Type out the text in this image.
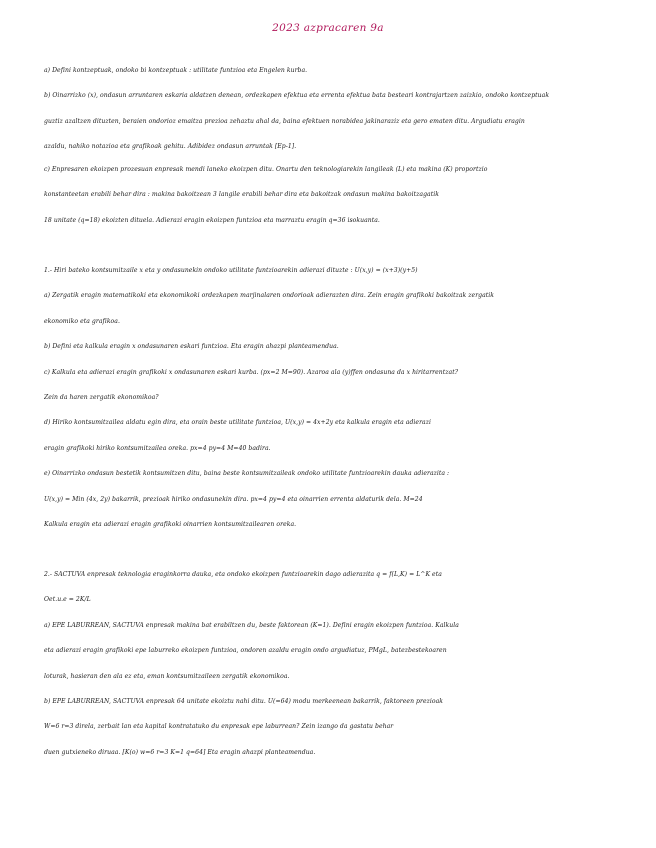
2023 azpracaren 9a
a) Defini kontzeptuak, ondoko bi kontzeptuak : utilitate funtzioa eta Engelen kurba.
b) Oinarrizko (x), ondasun arruntaren eskaria aldatzen denean, ordezkapen efektua eta errenta efektua bata besteari kontrajartzen zaizkio, ondoko kontzeptuak
guztiz azaltzen dituzten, beraien ondorioz emaitza prezioa zehaztu ahal da, baina efektuen norabidea jakinaraziz eta gero ematen ditu. Argudiatu eragin
azaldu, nahiko notazioa eta grafikoak gehitu. Adibidez ondasun arruntak [Ep-1].
c) Enpresaren ekoizpen prozesuan enpresak mendi laneko ekoizpen ditu. Onartu den teknologiarekin langileak (L) eta makina (K) proportzio
konstanteetan erabili behar dira : makina bakoitzean 3 langile erabili behar dira eta bakoitzak ondasun makina bakoitzagatik
18 unitate (q=18) ekoizten dituela. Adierazi eragin ekoizpen funtzioa eta marraztu eragin q=36 isokuanta.
1.- Hiri bateko kontsumitzaile x eta y ondasunekin ondoko utilitate funtzioarekin adierazi dituzte : U(x,y) = (x+3)(y+5)
a) Zergatik eragin matematikoki eta ekonomikoki ordezkapen marjinalaren ondorioak adierazten dira. Zein eragin grafikoki bakoitzak zergatik
ekonomiko eta grafikoa.
b) Defini eta kalkula eragin x ondasunaren eskari funtzioa. Eta eragin ahazpi planteamendua.
c) Kalkula eta adierazi eragin grafikoki x ondasunaren eskari kurba. (px=2 M=90). Azaroa ala (y)ffen ondasuna da x hiritarrentzat?
Zein da haren zergatik ekonomikoa?
d) Hiriko kontsumitzailea aldatu egin dira, eta orain beste utilitate funtzioa, U(x,y) = 4x+2y eta kalkula eragin eta adierazi
eragin grafikoki hiriko kontsumitzailea oreka. px=4 py=4 M=40 badira.
e) Oinarrizko ondasun bestetik kontsumitzen ditu, baina beste kontsumitzaileak ondoko utilitate funtzioarekin dauka adierazita :
U(x,y) = Min (4x, 2y) bakarrik, prezioak hiriko ondasunekin dira. px=4 py=4 eta oinarrien errenta aldaturik dela. M=24
Kalkula eragin eta adierazi eragin grafikoki oinarrien kontsumitzailearen oreka.
2.- SACTUVA enpresak teknologia eraginkorra dauka, eta ondoko ekoizpen funtzioarekin dago adierazita q = f(L,K) = L^K eta
Oet.u.e = 2K/L
a) EPE LABURREAN, SACTUVA enpresak makina bat erabiltzen du, beste faktorean (K=1). Defini eragin ekoizpen funtzioa. Kalkula
eta adierazi eragin grafikoki epe laburreko ekoizpen funtzioa, ondoren azaldu eragin ondo argudiatuz, PMgL, batezbestekoaren
loturak, hasieran den ala ez eta, eman kontsumitzaileen zergatik ekonomikoa.
b) EPE LABURREAN, SACTUVA enpresak 64 unitate ekoiztu nahi ditu. U(=64) modu merkeenean bakarrik, faktoreen prezioak
W=6 r=3 direla, zerbait lan eta kapital kontratatuko du enpresak epe laburrean? Zein izango da gastatu behar
duen gutxieneko diruaa. [K(o) w=6 r=3 K=1 q=64] Eta eragin ahazpi planteamendua.
